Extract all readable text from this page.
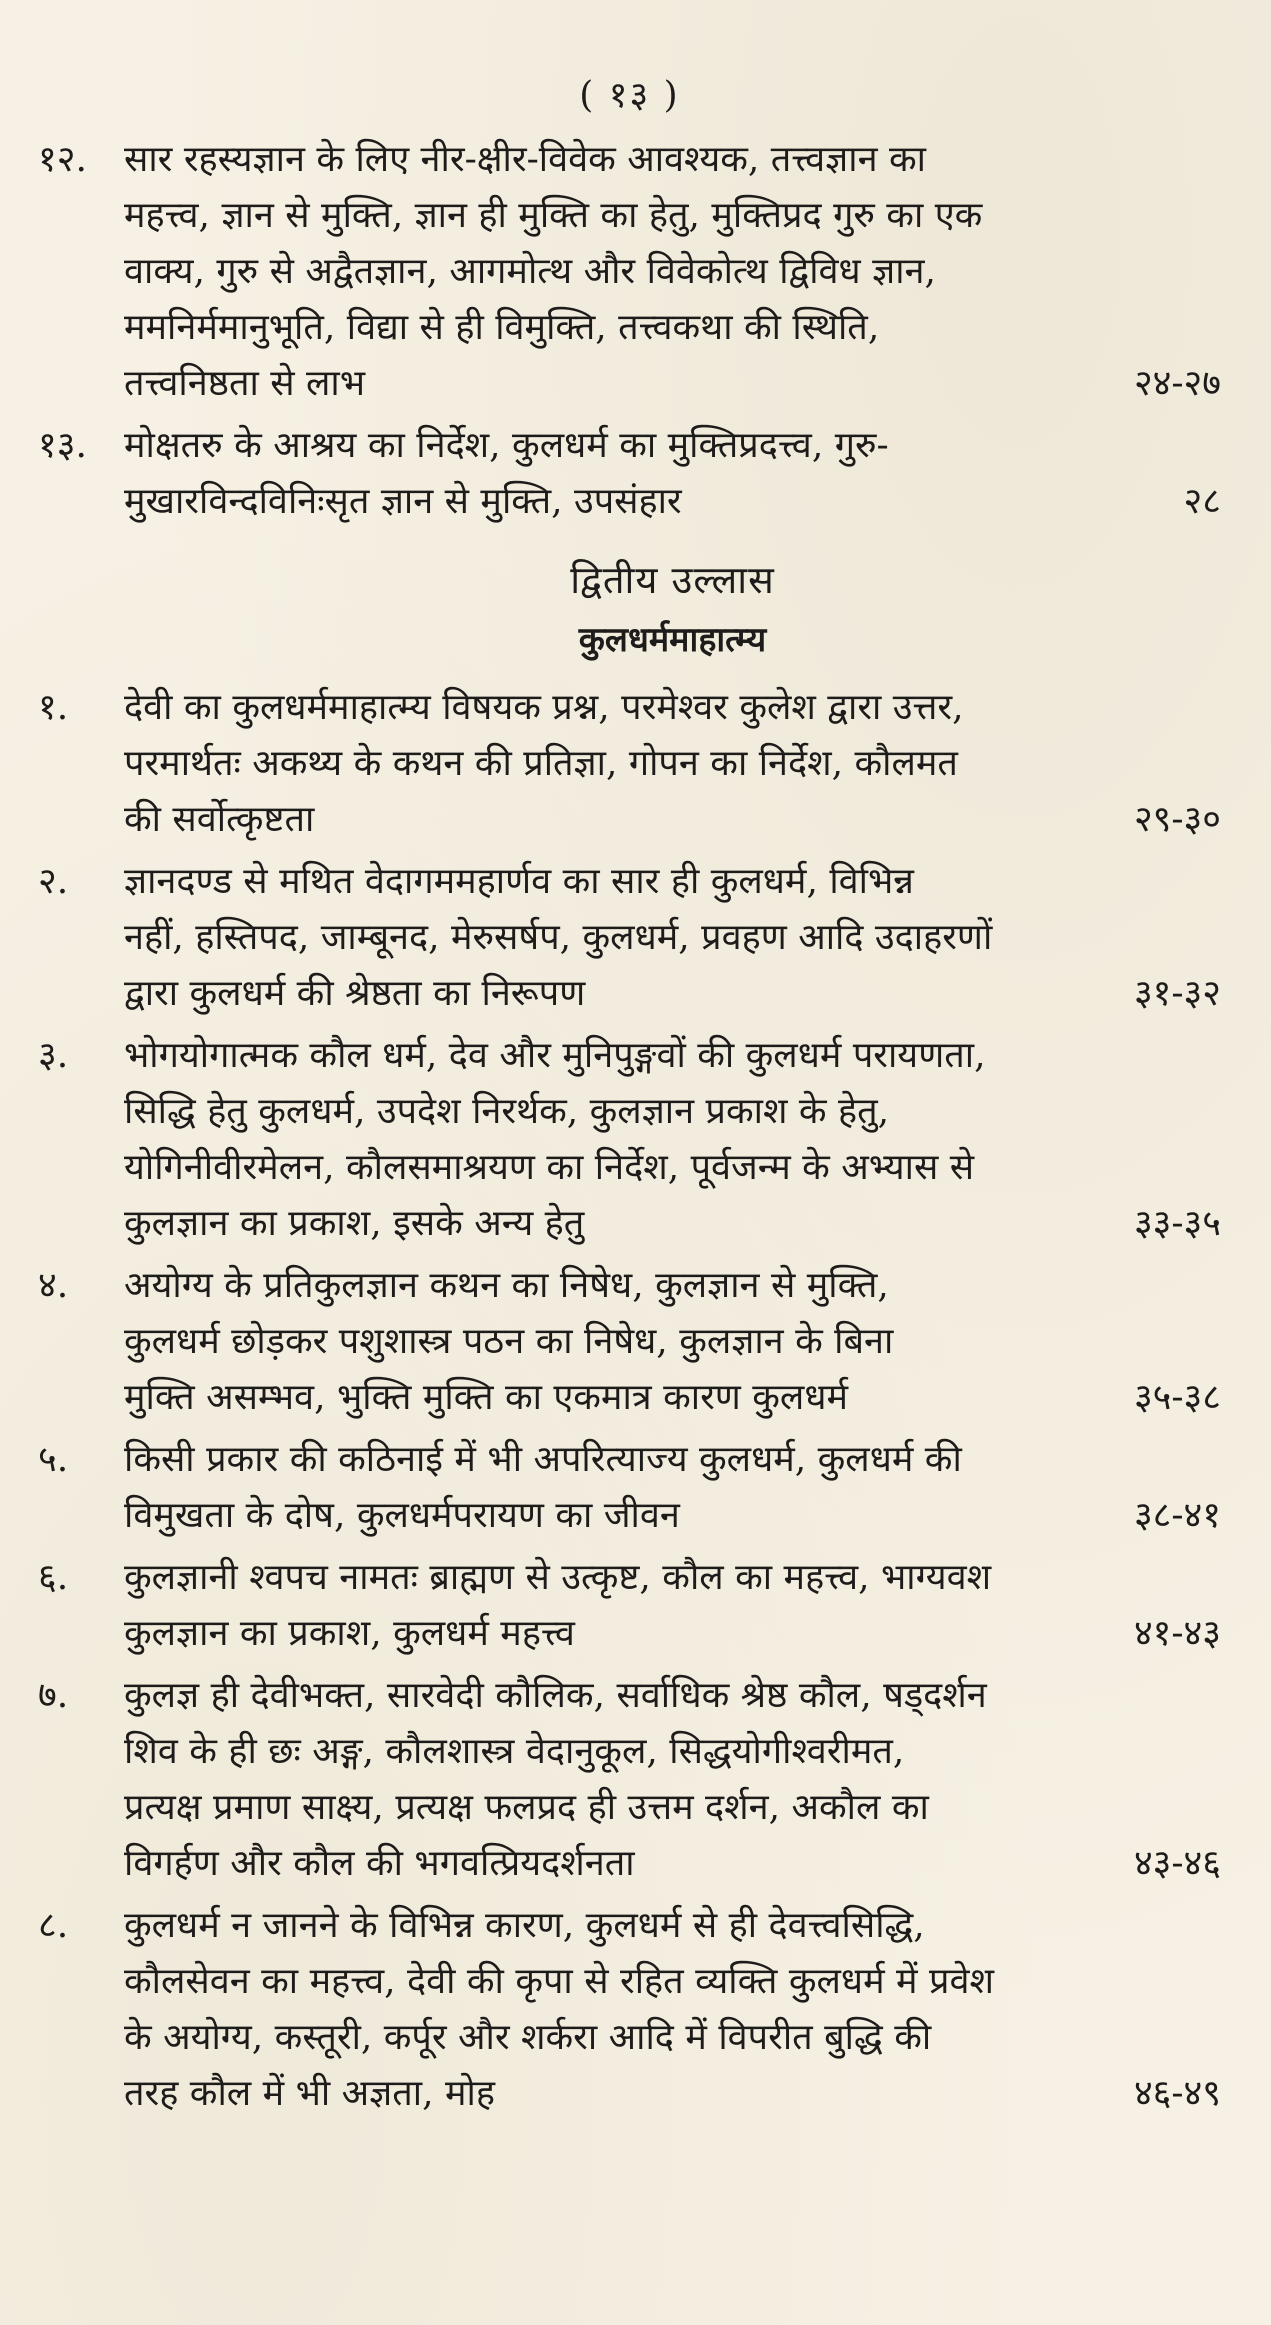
( १३ )
१२.	सार रहस्यज्ञान के लिए नीर-क्षीर-विवेक आवश्यक, तत्त्वज्ञान का
महत्त्व, ज्ञान से मुक्ति, ज्ञान ही मुक्ति का हेतु, मुक्तिप्रद गुरु का एक
वाक्य, गुरु से अद्वैतज्ञान, आगमोत्थ और विवेकोत्थ द्विविध ज्ञान,
ममनिर्ममानुभूति, विद्या से ही विमुक्ति, तत्त्वकथा की स्थिति,
तत्त्वनिष्ठता से लाभ	२४-२७
१३.	मोक्षतरु के आश्रय का निर्देश, कुलधर्म का मुक्तिप्रदत्त्व, गुरु-
मुखारविन्दविनिःसृत ज्ञान से मुक्ति, उपसंहार	२८
द्वितीय उल्लास
कुलधर्ममाहात्म्य
१.	देवी का कुलधर्ममाहात्म्य विषयक प्रश्न, परमेश्वर कुलेश द्वारा उत्तर,
परमार्थतः अकथ्य के कथन की प्रतिज्ञा, गोपन का निर्देश, कौलमत
की सर्वोत्कृष्टता	२९-३०
२.	ज्ञानदण्ड से मथित वेदागममहार्णव का सार ही कुलधर्म, विभिन्न
नहीं, हस्तिपद, जाम्बूनद, मेरुसर्षप, कुलधर्म, प्रवहण आदि उदाहरणों
द्वारा कुलधर्म की श्रेष्ठता का निरूपण	३१-३२
३.	भोगयोगात्मक कौल धर्म, देव और मुनिपुङ्गवों की कुलधर्म परायणता,
सिद्धि हेतु कुलधर्म, उपदेश निरर्थक, कुलज्ञान प्रकाश के हेतु,
योगिनीवीरमेलन, कौलसमाश्रयण का निर्देश, पूर्वजन्म के अभ्यास से
कुलज्ञान का प्रकाश, इसके अन्य हेतु	३३-३५
४.	अयोग्य के प्रतिकुलज्ञान कथन का निषेध, कुलज्ञान से मुक्ति,
कुलधर्म छोड़कर पशुशास्त्र पठन का निषेध, कुलज्ञान के बिना
मुक्ति असम्भव, भुक्ति मुक्ति का एकमात्र कारण कुलधर्म	३५-३८
५.	किसी प्रकार की कठिनाई में भी अपरित्याज्य कुलधर्म, कुलधर्म की
विमुखता के दोष, कुलधर्मपरायण का जीवन	३८-४१
६.	कुलज्ञानी श्वपच नामतः ब्राह्मण से उत्कृष्ट, कौल का महत्त्व, भाग्यवश
कुलज्ञान का प्रकाश, कुलधर्म महत्त्व	४१-४३
७.	कुलज्ञ ही देवीभक्त, सारवेदी कौलिक, सर्वाधिक श्रेष्ठ कौल, षड्दर्शन
शिव के ही छः अङ्ग, कौलशास्त्र वेदानुकूल, सिद्धयोगीश्वरीमत,
प्रत्यक्ष प्रमाण साक्ष्य, प्रत्यक्ष फलप्रद ही उत्तम दर्शन, अकौल का
विगर्हण और कौल की भगवत्प्रियदर्शनता	४३-४६
८.	कुलधर्म न जानने के विभिन्न कारण, कुलधर्म से ही देवत्त्वसिद्धि,
कौलसेवन का महत्त्व, देवी की कृपा से रहित व्यक्ति कुलधर्म में प्रवेश
के अयोग्य, कस्तूरी, कर्पूर और शर्करा आदि में विपरीत बुद्धि की
तरह कौल में भी अज्ञता, मोह	४६-४९
